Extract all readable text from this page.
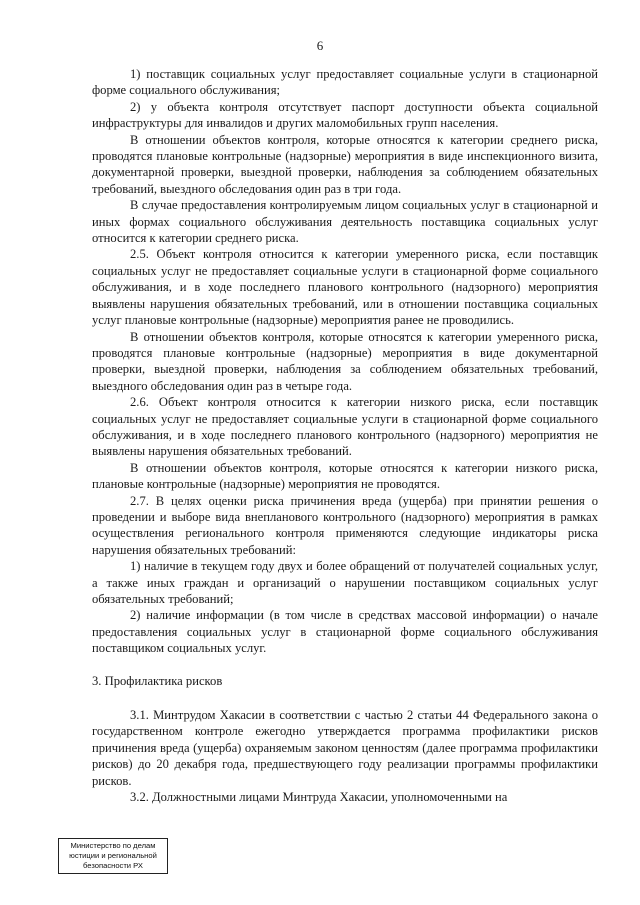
6

1) поставщик социальных услуг предоставляет социальные услуги в стационарной форме социального обслуживания;

2) у объекта контроля отсутствует паспорт доступности объекта социальной инфраструктуры для инвалидов и других маломобильных групп населения.

В отношении объектов контроля, которые относятся к категории среднего риска, проводятся плановые контрольные (надзорные) мероприятия в виде инспекционного визита, документарной проверки, выездной проверки, наблюдения за соблюдением обязательных требований, выездного обследования один раз в три года.

В случае предоставления контролируемым лицом социальных услуг в стационарной и иных формах социального обслуживания деятельность поставщика социальных услуг относится к категории среднего риска.

2.5. Объект контроля относится к категории умеренного риска, если поставщик социальных услуг не предоставляет социальные услуги в стационарной форме социального обслуживания, и в ходе последнего планового контрольного (надзорного) мероприятия выявлены нарушения обязательных требований, или в отношении поставщика социальных услуг плановые контрольные (надзорные) мероприятия ранее не проводились.

В отношении объектов контроля, которые относятся к категории умеренного риска, проводятся плановые контрольные (надзорные) мероприятия в виде документарной проверки, выездной проверки, наблюдения за соблюдением обязательных требований, выездного обследования один раз в четыре года.

2.6. Объект контроля относится к категории низкого риска, если поставщик социальных услуг не предоставляет социальные услуги в стационарной форме социального обслуживания, и в ходе последнего планового контрольного (надзорного) мероприятия не выявлены нарушения обязательных требований.

В отношении объектов контроля, которые относятся к категории низкого риска, плановые контрольные (надзорные) мероприятия не проводятся.

2.7. В целях оценки риска причинения вреда (ущерба) при принятии решения о проведении и выборе вида внепланового контрольного (надзорного) мероприятия в рамках осуществления регионального контроля применяются следующие индикаторы риска нарушения обязательных требований:

1) наличие в текущем году двух и более обращений от получателей социальных услуг, а также иных граждан и организаций о нарушении поставщиком социальных услуг обязательных требований;

2) наличие информации (в том числе в средствах массовой информации) о начале предоставления социальных услуг в стационарной форме социального обслуживания поставщиком социальных услуг.

3. Профилактика рисков

3.1. Минтрудом Хакасии в соответствии с частью 2 статьи 44 Федерального закона о государственном контроле ежегодно утверждается программа профилактики рисков причинения вреда (ущерба) охраняемым законом ценностям (далее программа профилактики рисков) до 20 декабря года, предшествующего году реализации программы профилактики рисков.

3.2. Должностными лицами Минтруда Хакасии, уполномоченными на

Министерство по делам
юстиции и региональной
безопасности РХ
